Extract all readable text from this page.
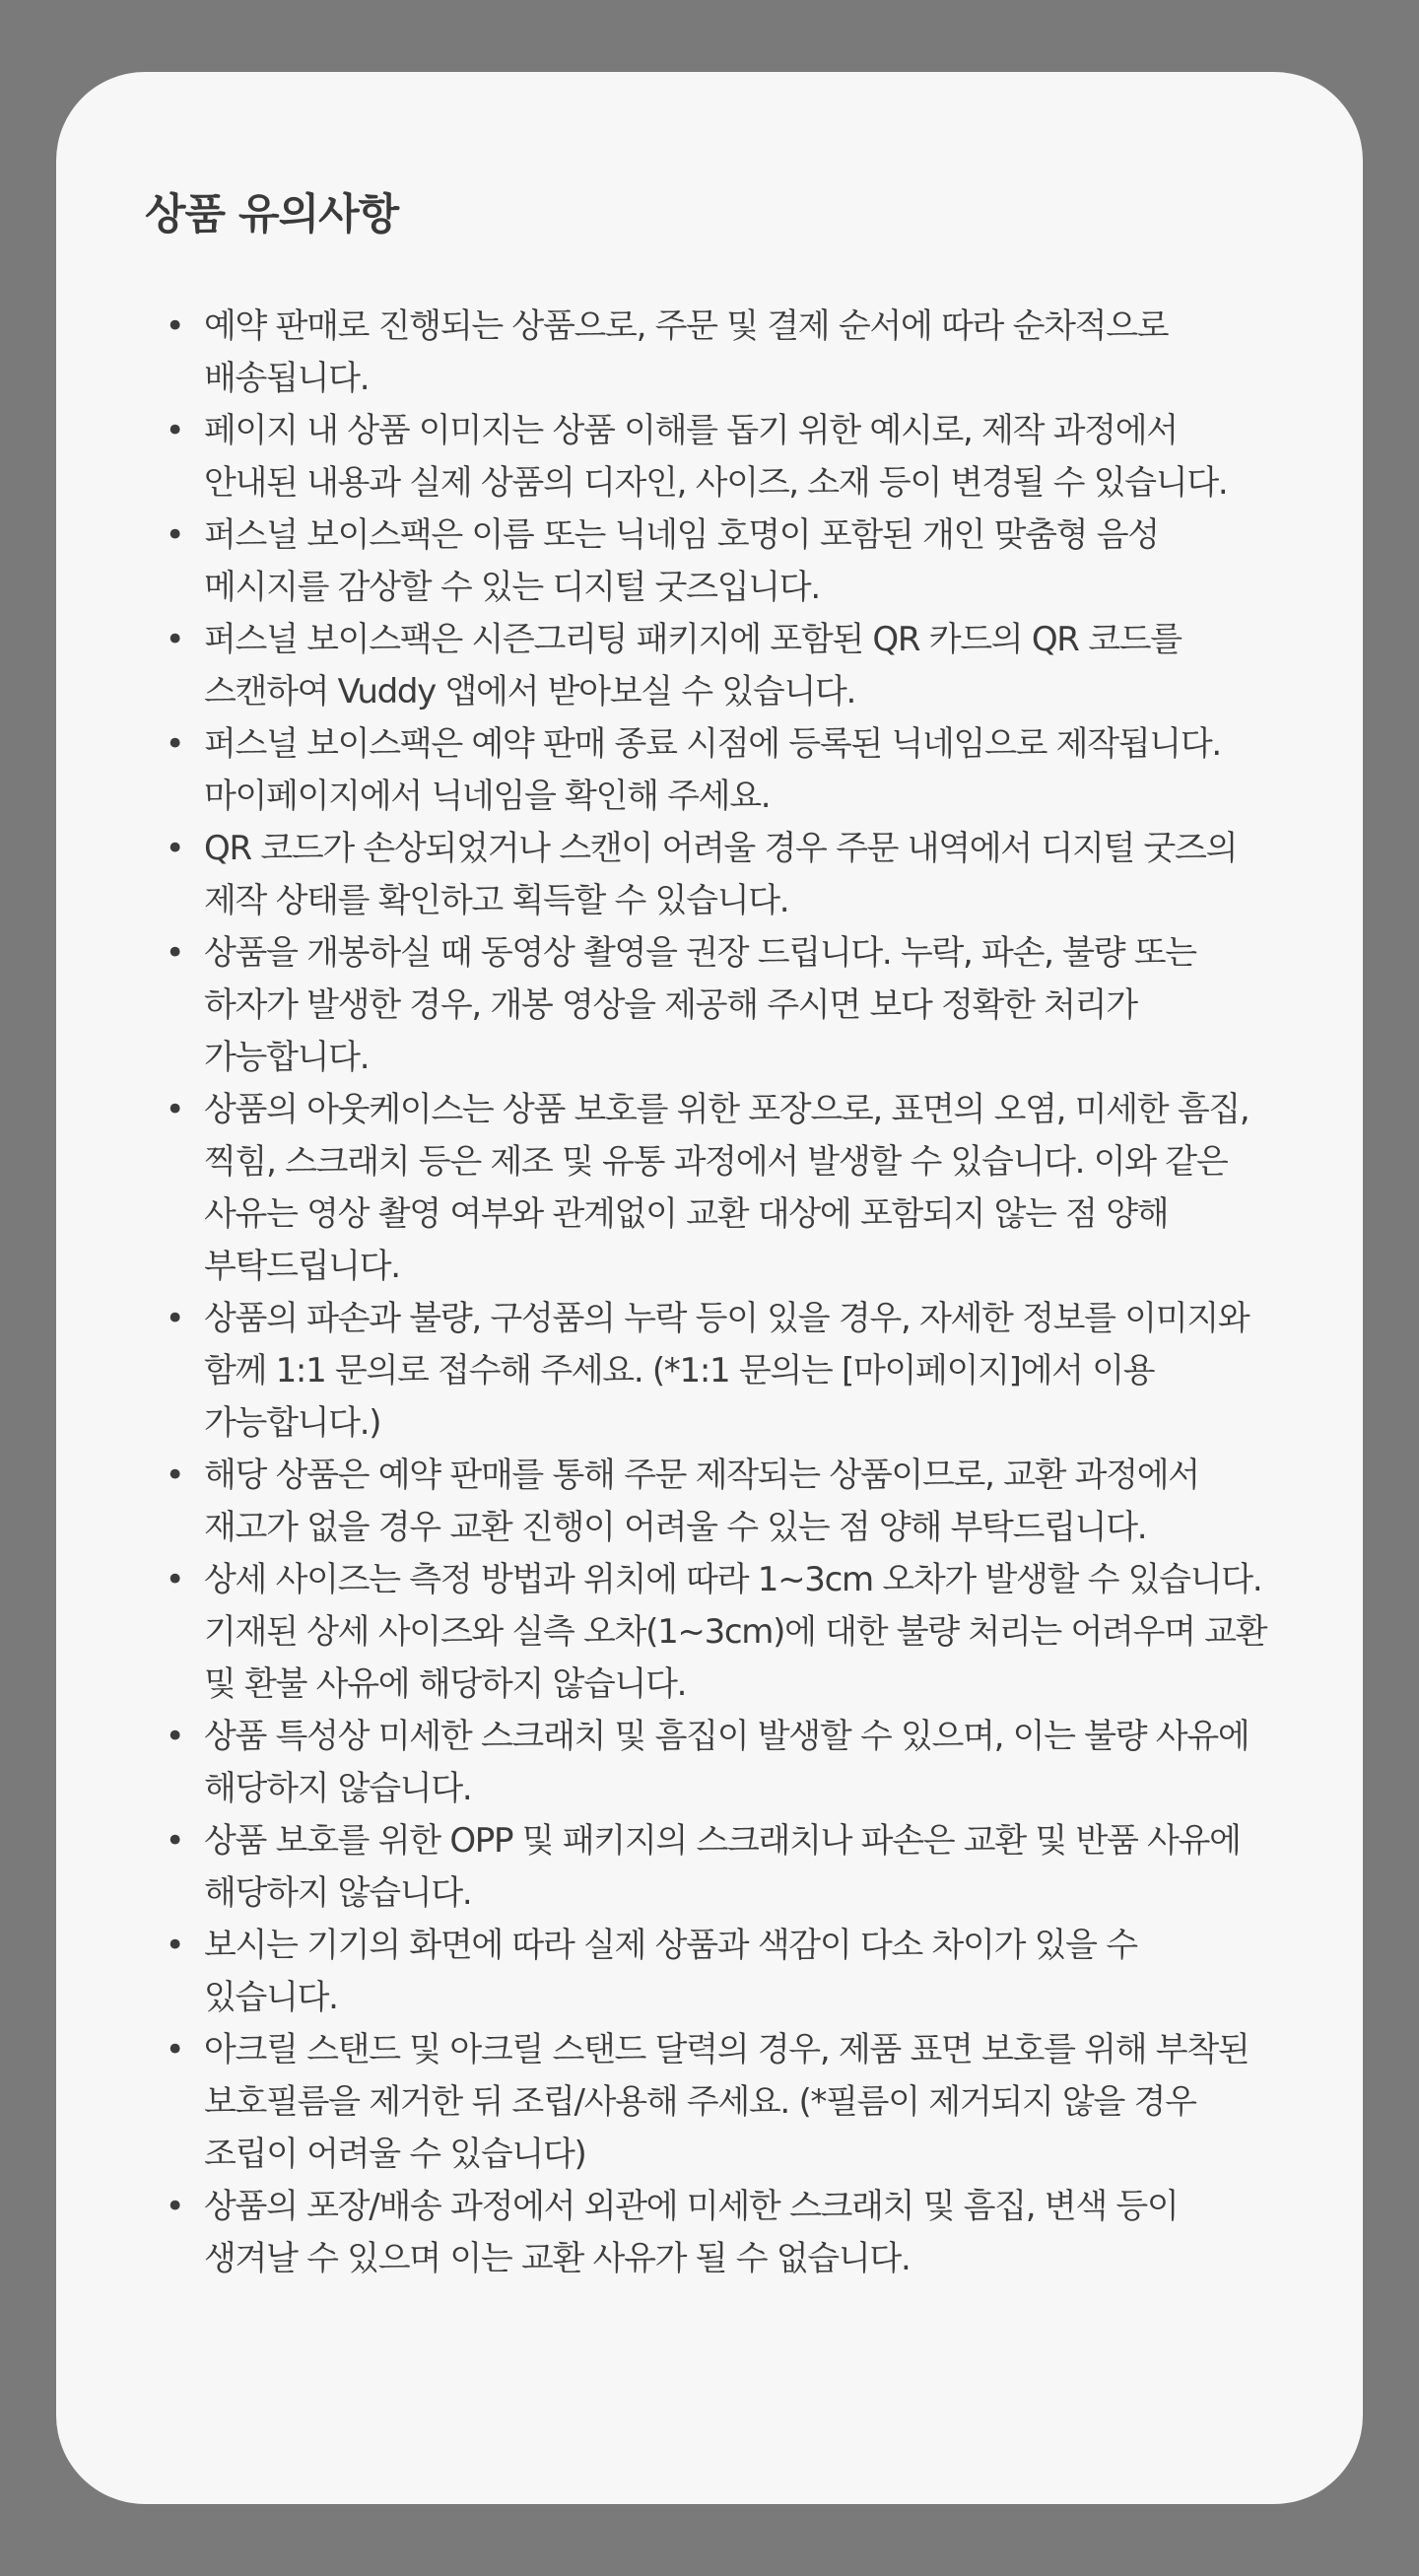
상품 유의사항
• 예약 판매로 진행되는 상품으로, 주문 및 결제 순서에 따라 순차적으로 배송됩니다.
• 페이지 내 상품 이미지는 상품 이해를 돕기 위한 예시로, 제작 과정에서 안내된 내용과 실제 상품의 디자인, 사이즈, 소재 등이 변경될 수 있습니다.
• 퍼스널 보이스팩은 이름 또는 닉네임 호명이 포함된 개인 맞춤형 음성 메시지를 감상할 수 있는 디지털 굿즈입니다.
• 퍼스널 보이스팩은 시즌그리팅 패키지에 포함된 QR 카드의 QR 코드를 스캔하여 Vuddy 앱에서 받아보실 수 있습니다.
• 퍼스널 보이스팩은 예약 판매 종료 시점에 등록된 닉네임으로 제작됩니다. 마이페이지에서 닉네임을 확인해 주세요.
• QR 코드가 손상되었거나 스캔이 어려울 경우 주문 내역에서 디지털 굿즈의 제작 상태를 확인하고 획득할 수 있습니다.
• 상품을 개봉하실 때 동영상 촬영을 권장 드립니다. 누락, 파손, 불량 또는 하자가 발생한 경우, 개봉 영상을 제공해 주시면 보다 정확한 처리가 가능합니다.
• 상품의 아웃케이스는 상품 보호를 위한 포장으로, 표면의 오염, 미세한 흠집, 찍힘, 스크래치 등은 제조 및 유통 과정에서 발생할 수 있습니다. 이와 같은 사유는 영상 촬영 여부와 관계없이 교환 대상에 포함되지 않는 점 양해 부탁드립니다.
• 상품의 파손과 불량, 구성품의 누락 등이 있을 경우, 자세한 정보를 이미지와 함께 1:1 문의로 접수해 주세요. (*1:1 문의는 [마이페이지]에서 이용 가능합니다.)
• 해당 상품은 예약 판매를 통해 주문 제작되는 상품이므로, 교환 과정에서 재고가 없을 경우 교환 진행이 어려울 수 있는 점 양해 부탁드립니다.
• 상세 사이즈는 측정 방법과 위치에 따라 1~3cm 오차가 발생할 수 있습니다. 기재된 상세 사이즈와 실측 오차(1~3cm)에 대한 불량 처리는 어려우며 교환 및 환불 사유에 해당하지 않습니다.
• 상품 특성상 미세한 스크래치 및 흠집이 발생할 수 있으며, 이는 불량 사유에 해당하지 않습니다.
• 상품 보호를 위한 OPP 및 패키지의 스크래치나 파손은 교환 및 반품 사유에 해당하지 않습니다.
• 보시는 기기의 화면에 따라 실제 상품과 색감이 다소 차이가 있을 수 있습니다.
• 아크릴 스탠드 및 아크릴 스탠드 달력의 경우, 제품 표면 보호를 위해 부착된 보호필름을 제거한 뒤 조립/사용해 주세요. (*필름이 제거되지 않을 경우 조립이 어려울 수 있습니다)
• 상품의 포장/배송 과정에서 외관에 미세한 스크래치 및 흠집, 변색 등이 생겨날 수 있으며 이는 교환 사유가 될 수 없습니다.
